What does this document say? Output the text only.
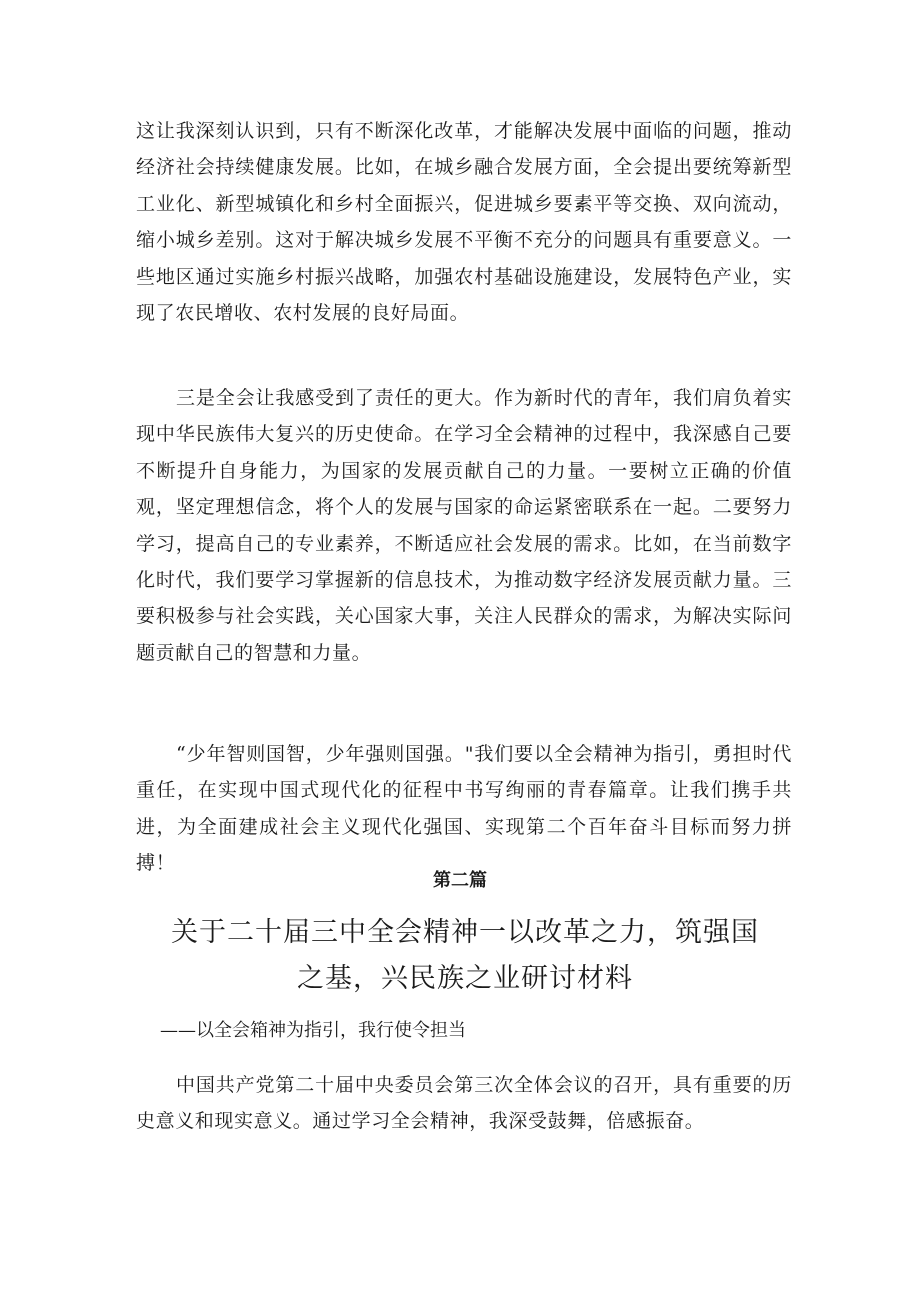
这让我深刻认识到，只有不断深化改革，才能解决发展中面临的问题，推动经济社会持续健康发展。比如，在城乡融合发展方面，全会提出要统筹新型工业化、新型城镇化和乡村全面振兴，促进城乡要素平等交换、双向流动，缩小城乡差别。这对于解决城乡发展不平衡不充分的问题具有重要意义。一些地区通过实施乡村振兴战略，加强农村基础设施建设，发展特色产业，实现了农民增收、农村发展的良好局面。

三是全会让我感受到了责任的更大。作为新时代的青年，我们肩负着实现中华民族伟大复兴的历史使命。在学习全会精神的过程中，我深感自己要不断提升自身能力，为国家的发展贡献自己的力量。一要树立正确的价值观，坚定理想信念，将个人的发展与国家的命运紧密联系在一起。二要努力学习，提高自己的专业素养，不断适应社会发展的需求。比如，在当前数字化时代，我们要学习掌握新的信息技术，为推动数字经济发展贡献力量。三要积极参与社会实践，关心国家大事，关注人民群众的需求，为解决实际问题贡献自己的智慧和力量。

“少年智则国智，少年强则国强。"我们要以全会精神为指引，勇担时代重任，在实现中国式现代化的征程中书写绚丽的青春篇章。让我们携手共进，为全面建成社会主义现代化强国、实现第二个百年奋斗目标而努力拼搏！

第二篇
关于二十届三中全会精神一以改革之力，筑强国
之基，兴民族之业研讨材料

——以全会箱神为指引，我行使令担当

中国共产党第二十届中央委员会第三次全体会议的召开，具有重要的历史意义和现实意义。通过学习全会精神，我深受鼓舞，倍感振奋。
